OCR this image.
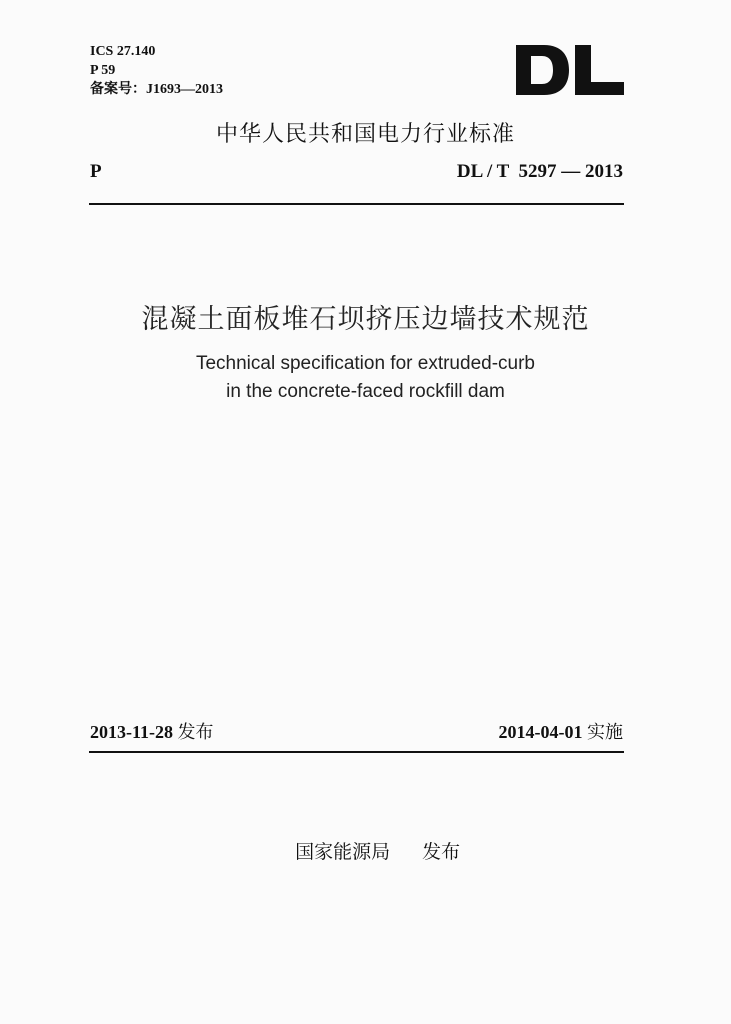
ICS 27.140
P 59
备案号：J1693—2013
中华人民共和国电力行业标准
P	DL / T  5297 — 2013
混凝土面板堆石坝挤压边墙技术规范
Technical specification for extruded-curb
in the concrete-faced rockfill dam
2013-11-28 发布	2014-04-01 实施

国家能源局 发布
